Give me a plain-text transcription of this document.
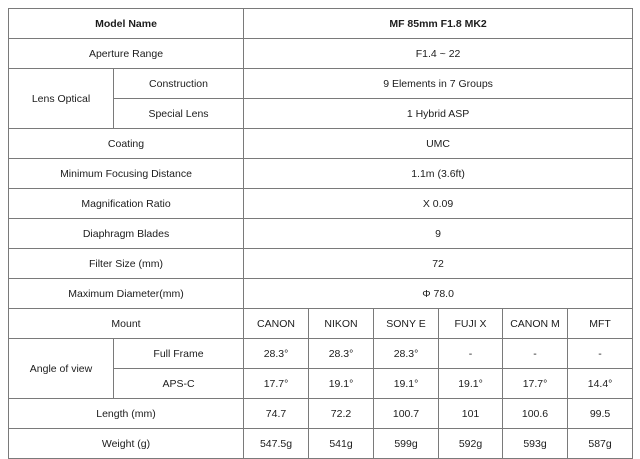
Model Name		MF 85mm F1.8 MK2					
Aperture Range		F1.4 ~ 22					
Lens Optical	Construction	9 Elements in 7 Groups					
	Special Lens	1 Hybrid ASP					
Coating		UMC					
Minimum Focusing Distance		1.1m (3.6ft)					
Magnification Ratio		X 0.09					
Diaphragm Blades		9					
Filter Size (mm)		72					
Maximum Diameter(mm)		Φ 78.0					
Mount		CANON	NIKON	SONY E	FUJI X	CANON M	MFT
Angle of view	Full Frame	28.3°	28.3°	28.3°	-	-	-
	APS-C	17.7°	19.1°	19.1°	19.1°	17.7°	14.4°
Length (mm)		74.7	72.2	100.7	101	100.6	99.5
Weight (g)		547.5g	541g	599g	592g	593g	587g
